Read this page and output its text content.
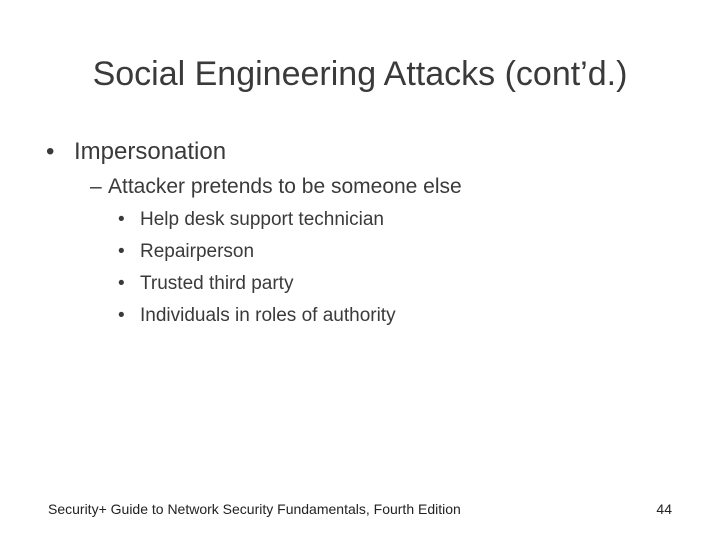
Social Engineering Attacks (cont’d.)
• Impersonation
– Attacker pretends to be someone else
• Help desk support technician
• Repairperson
• Trusted third party
• Individuals in roles of authority
Security+ Guide to Network Security Fundamentals, Fourth Edition	44
